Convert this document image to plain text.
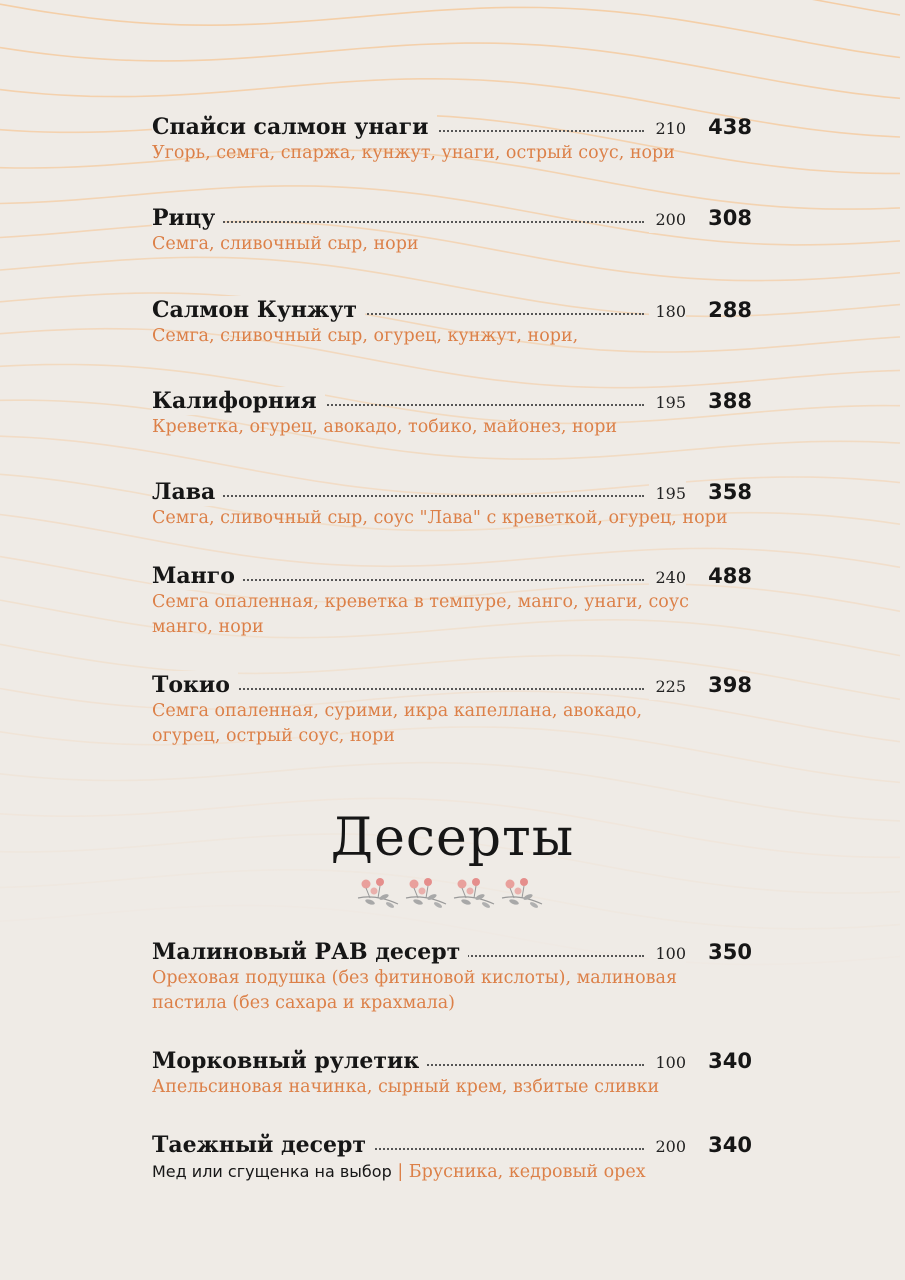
Спайси салмон унаги	210 438
Угорь, семга, спаржа, кунжут, унаги, острый соус, нори
Рицу	200 308
Семга, сливочный сыр, нори
Салмон Кунжут	180 288
Семга, сливочный сыр, огурец, кунжут, нори,
Калифорния	195 388
Креветка, огурец, авокадо, тобико, майонез, нори
Лава	195 358
Семга, сливочный сыр, соус "Лава" с креветкой, огурец, нори
Манго	240 488
Семга опаленная, креветка в темпуре, манго, унаги, соус манго, нори
Токио	225 398
Семга опаленная, сурими, икра капеллана, авокадо, огурец, острый соус, нори
Десерты
Малиновый РАВ десерт	100 350
Ореховая подушка (без фитиновой кислоты), малиновая пастила (без сахара и крахмала)
Морковный рулетик	100 340
Апельсиновая начинка, сырный крем, взбитые сливки
Таежный десерт	200 340
Мед или сгущенка на выбор | Брусника, кедровый орех
